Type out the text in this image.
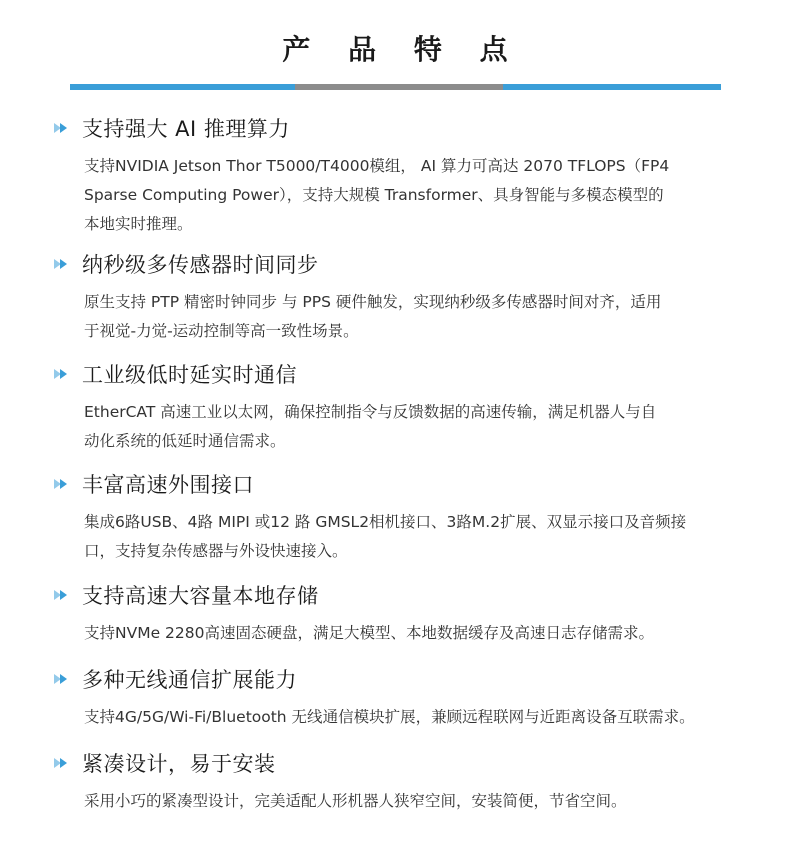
产 品 特 点
支持强大 AI 推理算力
支持NVIDIA Jetson Thor T5000/T4000模组， AI 算力可高达 2070 TFLOPS（FP4
Sparse Computing Power），支持大规模 Transformer、具身智能与多模态模型的
本地实时推理。
纳秒级多传感器时间同步
原生支持 PTP 精密时钟同步 与 PPS 硬件触发，实现纳秒级多传感器时间对齐，适用
于视觉-力觉-运动控制等高一致性场景。
工业级低时延实时通信
EtherCAT 高速工业以太网，确保控制指令与反馈数据的高速传输，满足机器人与自
动化系统的低延时通信需求。
丰富高速外围接口
集成6路USB、4路 MIPI 或12 路 GMSL2相机接口、3路M.2扩展、双显示接口及音频接
口，支持复杂传感器与外设快速接入。
支持高速大容量本地存储
支持NVMe 2280高速固态硬盘，满足大模型、本地数据缓存及高速日志存储需求。
多种无线通信扩展能力
支持4G/5G/Wi-Fi/Bluetooth 无线通信模块扩展，兼顾远程联网与近距离设备互联需求。
紧凑设计，易于安装
采用小巧的紧凑型设计，完美适配人形机器人狭窄空间，安装简便，节省空间。
